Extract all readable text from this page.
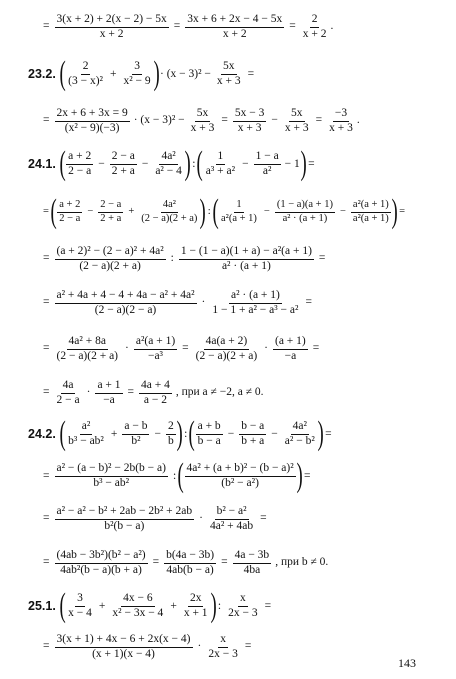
= $\frac{3(x + 2) + 2(x - 2) - 5x}{x + 2} = \frac{3x + 6 + 2x - 4 - 5x}{x + 2} = \frac{2}{x + 2}$ .
23.2. ( $\frac{2}{\text{(3 − x)²}} + \frac{3}{\text{x² − 9}}$ ) · $(x - 3)^2 - \frac{5x}{x + 3}$ =
= $\frac{2x + 6 + 3x = 9}{\text{(x² − 9)(−3)}} \cdot (x - 3)^2 - \frac{5x}{x + 3} = \frac{5x - 3}{x + 3} - \frac{5x}{x + 3} = \frac{-3}{x + 3}$ .
24.1. ( $\frac{a + 2}{2 - a} - \frac{2 - a}{2 + a} - \frac{\text{4a²}}{\text{a² − 4}}$ ) : ( $\frac{1}{\text{a³ + a²}} - \frac{1 - a}{\text{a²}} - 1$ ) =
= ( $\frac{a + 2}{2 - a} - \frac{2 - a}{2 + a} + \frac{\text{4a²}}{(2 - a)(2 + a)}$ ) : ( $\frac{1}{\text{a²(a + 1)}} - \frac{(1 - a)(a + 1)}{\text{a² · (a + 1)}} - \frac{\text{a²(a + 1)}}{\text{a²(a + 1)}}$ ) =
= $\frac{\text{(a + 2)² − (2 − a)² + 4a²}}{(2 - a)(2 + a)}$ : $\frac{\text{1 − (1 − a)(1 + a) − a²(a + 1)}}{\text{a² · (a + 1)}}$ =
= $\frac{\text{a² + 4a + 4 − 4 + 4a − a² + 4a²}}{(2 - a)(2 - a)} \cdot \frac{\text{a² · (a + 1)}}{\text{1 − 1 + a² − a³ − a²}}$ =
= $\frac{\text{4a² + 8a}}{(2 - a)(2 + a)} \cdot \frac{\text{a²(a + 1)}}{\text{−a³}} = \frac{4a(a + 2)}{(2 - a)(2 + a)} \cdot \frac{(a + 1)}{-a}$ =
= $\frac{4a}{2 - a} \cdot \frac{a + 1}{-a} = \frac{4a + 4}{a - 2}$ , при a ≠ −2, a ≠ 0.
24.2. ( $\frac{\text{a²}}{\text{b³ − ab²}} + \frac{a - b}{\text{b²}} - \frac{2}{b}$ ) : ( $\frac{a + b}{b - a} - \frac{b - a}{b + a} - \frac{\text{4a²}}{\text{a² − b²}}$ ) =
= $\frac{\text{a² − (a − b)² − 2b(b − a)}}{\text{b³ − ab²}}$ : ( $\frac{\text{4a² + (a + b)² − (b − a)²}}{\text{(b² − a²)}}$ ) =
= $\frac{\text{a² − a² − b² + 2ab − 2b² + 2ab}}{\text{b²(b − a)}} \cdot \frac{\text{b² − a²}}{\text{4a² + 4ab}}$ =
= $\frac{\text{(4ab − 3b²)(b² − a²)}}{\text{4ab²(b − a)(b + a)}} = \frac{b(4a - 3b)}{4ab(b - a)} = \frac{4a - 3b}{4ba}$ , при b ≠ 0.
25.1. ( $\frac{3}{x - 4} + \frac{4x - 6}{\text{x² − 3x − 4}} + \frac{2x}{x + 1}$ ) : $\frac{x}{2x - 3}$ =
= $\frac{3(x + 1) + 4x - 6 + 2x(x - 4)}{(x + 1)(x - 4)} \cdot \frac{x}{2x - 3}$ =
143
